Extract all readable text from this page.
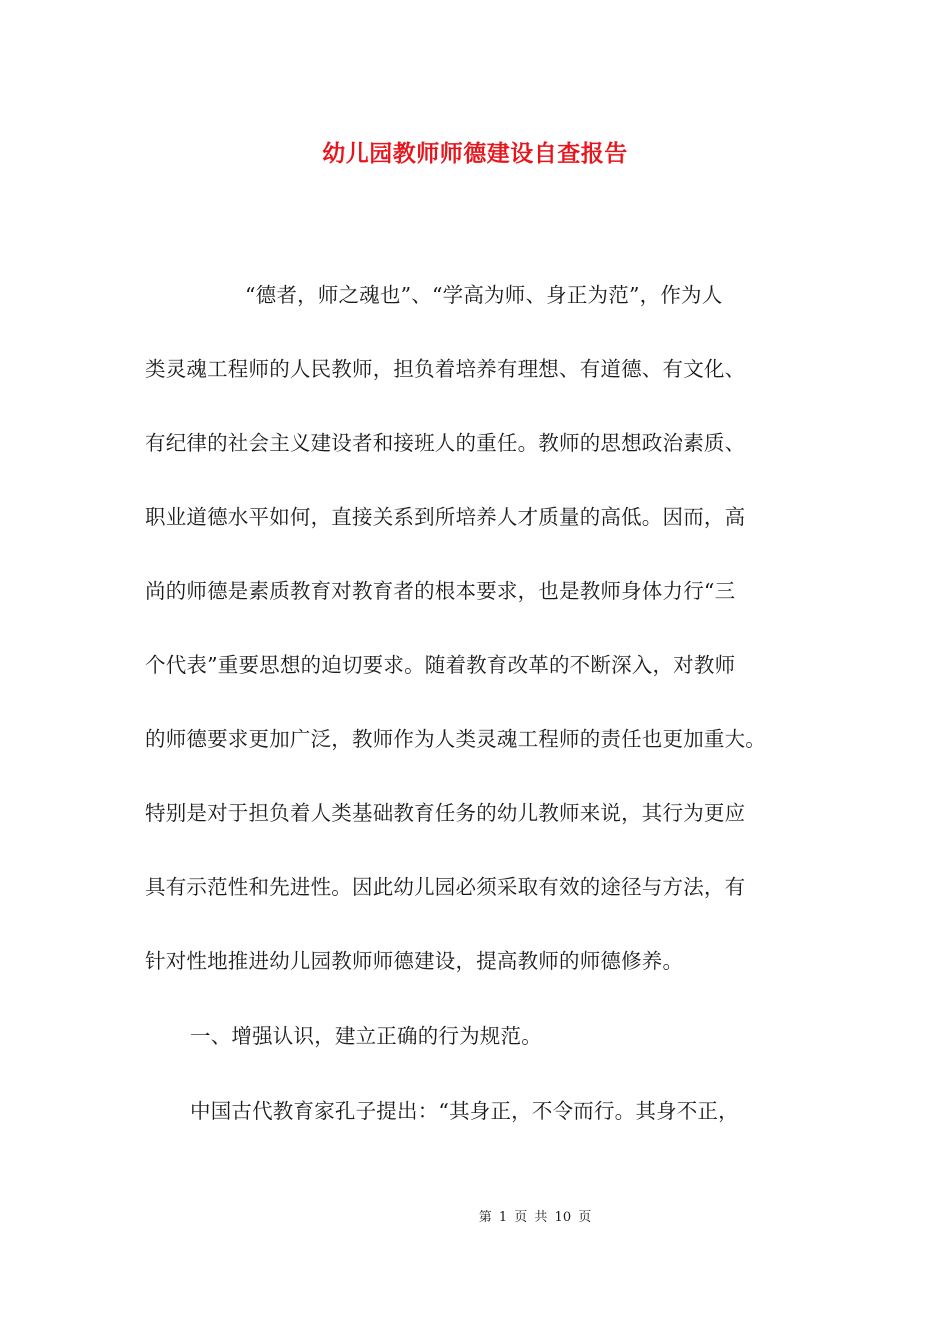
幼儿园教师师德建设自查报告
“德者，师之魂也”、“学高为师、身正为范”，作为人
类灵魂工程师的人民教师，担负着培养有理想、有道德、有文化、
有纪律的社会主义建设者和接班人的重任。教师的思想政治素质、
职业道德水平如何，直接关系到所培养人才质量的高低。因而，高
尚的师德是素质教育对教育者的根本要求，也是教师身体力行“三
个代表”重要思想的迫切要求。随着教育改革的不断深入，对教师
的师德要求更加广泛，教师作为人类灵魂工程师的责任也更加重大。
特别是对于担负着人类基础教育任务的幼儿教师来说，其行为更应
具有示范性和先进性。因此幼儿园必须采取有效的途径与方法，有
针对性地推进幼儿园教师师德建设，提高教师的师德修养。
一、增强认识，建立正确的行为规范。
中国古代教育家孔子提出：“其身正，不令而行。其身不正，
第 1 页 共 10 页
